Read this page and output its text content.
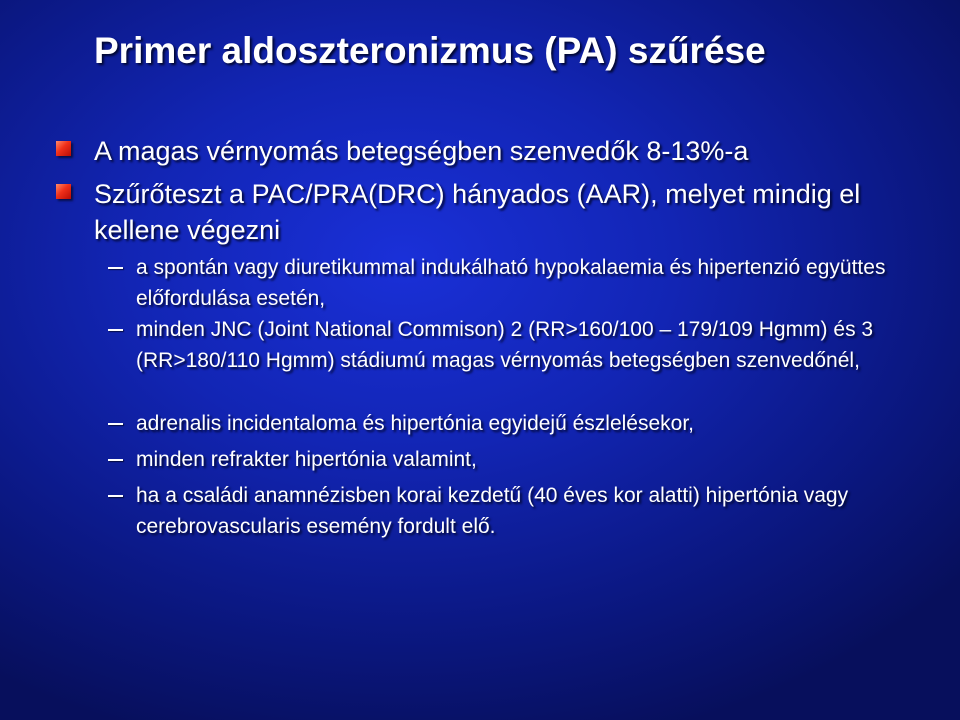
Primer aldoszteronizmus (PA) szűrése
A magas vérnyomás betegségben szenvedők 8-13%-a
Szűrőteszt a PAC/PRA(DRC) hányados (AAR), melyet mindig el kellene végezni
a spontán vagy diuretikummal indukálható hypokalaemia és hipertenzió együttes előfordulása esetén,
minden JNC (Joint National Commison) 2 (RR>160/100 – 179/109 Hgmm) és 3 (RR>180/110 Hgmm) stádiumú magas vérnyomás betegségben szenvedőnél,
adrenalis incidentaloma és hipertónia egyidejű észlelésekor,
minden refrakter hipertónia valamint,
ha a családi anamnézisben korai kezdetű (40 éves kor alatti) hipertónia vagy cerebrovascularis esemény fordult elő.
